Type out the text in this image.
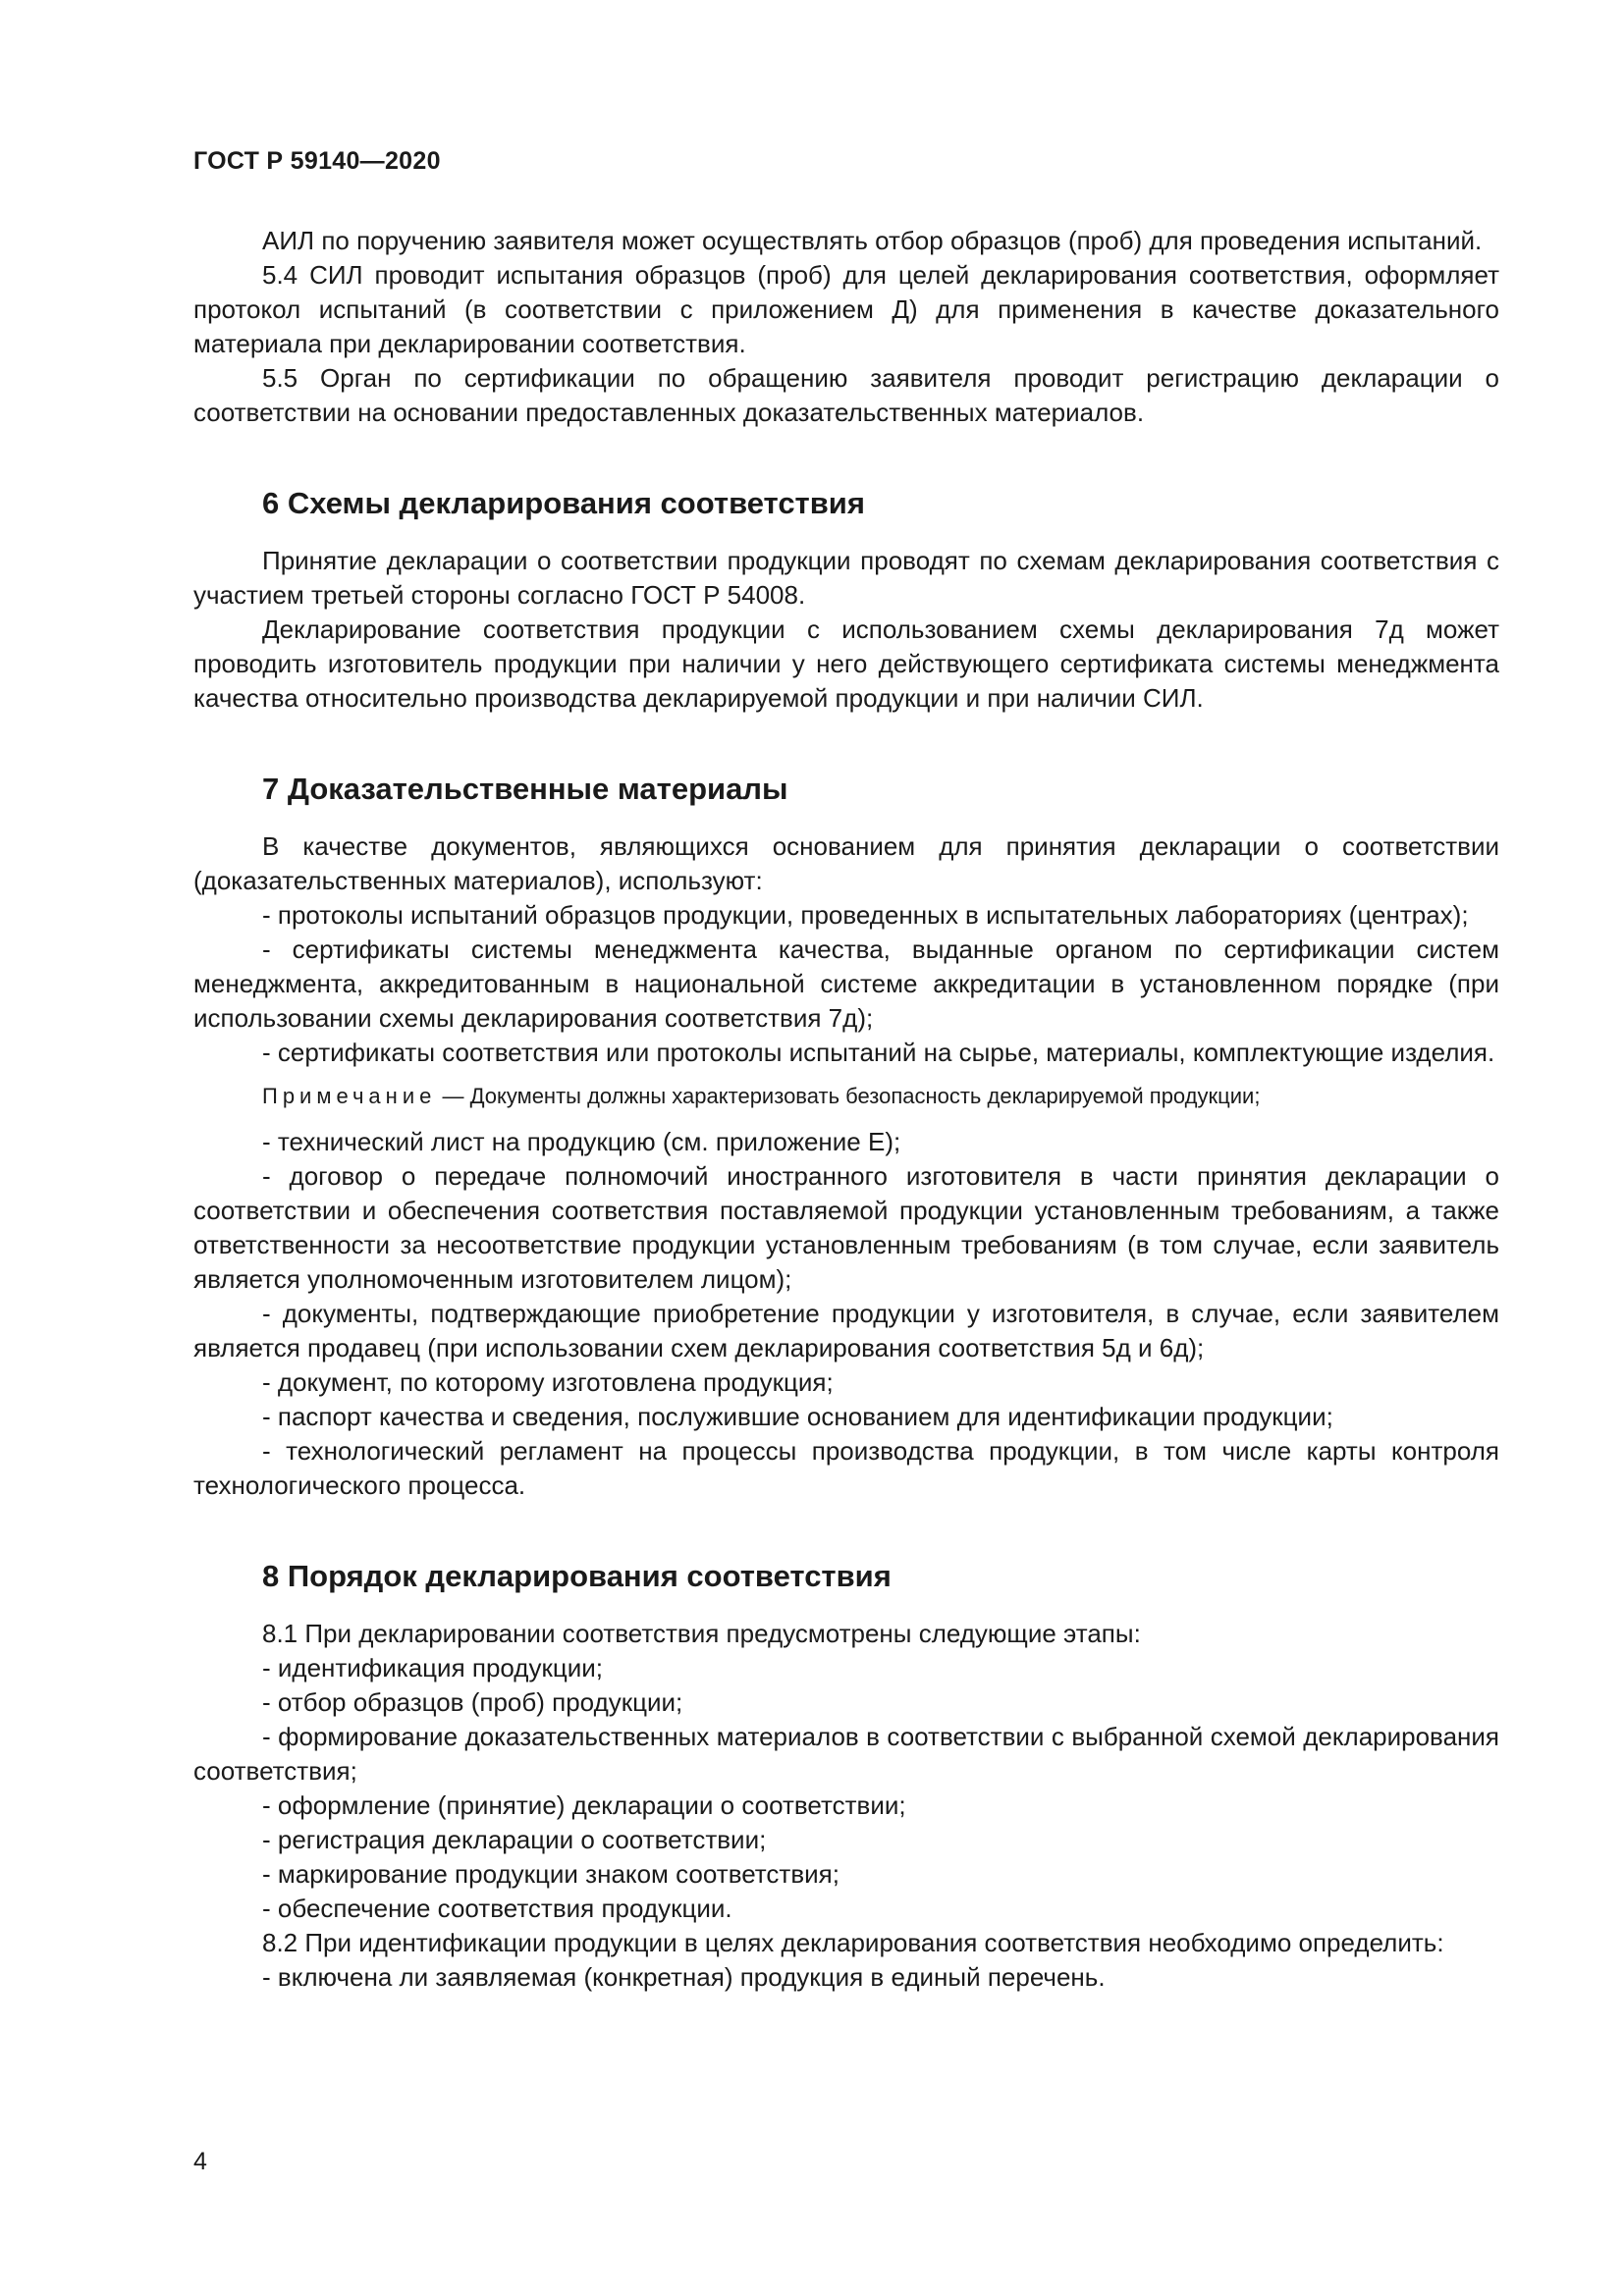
ГОСТ Р 59140—2020

АИЛ по поручению заявителя может осуществлять отбор образцов (проб) для проведения испытаний.

5.4 СИЛ проводит испытания образцов (проб) для целей декларирования соответствия, оформляет протокол испытаний (в соответствии с приложением Д) для применения в качестве доказательного материала при декларировании соответствия.

5.5 Орган по сертификации по обращению заявителя проводит регистрацию декларации о соответствии на основании предоставленных доказательственных материалов.

6 Схемы декларирования соответствия

Принятие декларации о соответствии продукции проводят по схемам декларирования соответствия с участием третьей стороны согласно ГОСТ Р 54008.

Декларирование соответствия продукции с использованием схемы декларирования 7д может проводить изготовитель продукции при наличии у него действующего сертификата системы менеджмента качества относительно производства декларируемой продукции и при наличии СИЛ.

7 Доказательственные материалы

В качестве документов, являющихся основанием для принятия декларации о соответствии (доказательственных материалов), используют:

- протоколы испытаний образцов продукции, проведенных в испытательных лабораториях (центрах);

- сертификаты системы менеджмента качества, выданные органом по сертификации систем менеджмента, аккредитованным в национальной системе аккредитации в установленном порядке (при использовании схемы декларирования соответствия 7д);

- сертификаты соответствия или протоколы испытаний на сырье, материалы, комплектующие изделия.

Примечание — Документы должны характеризовать безопасность декларируемой продукции;

- технический лист на продукцию (см. приложение Е);

- договор о передаче полномочий иностранного изготовителя в части принятия декларации о соответствии и обеспечения соответствия поставляемой продукции установленным требованиям, а также ответственности за несоответствие продукции установленным требованиям (в том случае, если заявитель является уполномоченным изготовителем лицом);

- документы, подтверждающие приобретение продукции у изготовителя, в случае, если заявителем является продавец (при использовании схем декларирования соответствия 5д и 6д);

- документ, по которому изготовлена продукция;

- паспорт качества и сведения, послужившие основанием для идентификации продукции;

- технологический регламент на процессы производства продукции, в том числе карты контроля технологического процесса.

8 Порядок декларирования соответствия

8.1 При декларировании соответствия предусмотрены следующие этапы:

- идентификация продукции;

- отбор образцов (проб) продукции;

- формирование доказательственных материалов в соответствии с выбранной схемой декларирования соответствия;

- оформление (принятие) декларации о соответствии;

- регистрация декларации о соответствии;

- маркирование продукции знаком соответствия;

- обеспечение соответствия продукции.

8.2 При идентификации продукции в целях декларирования соответствия необходимо определить:

- включена ли заявляемая (конкретная) продукция в единый перечень.

4
